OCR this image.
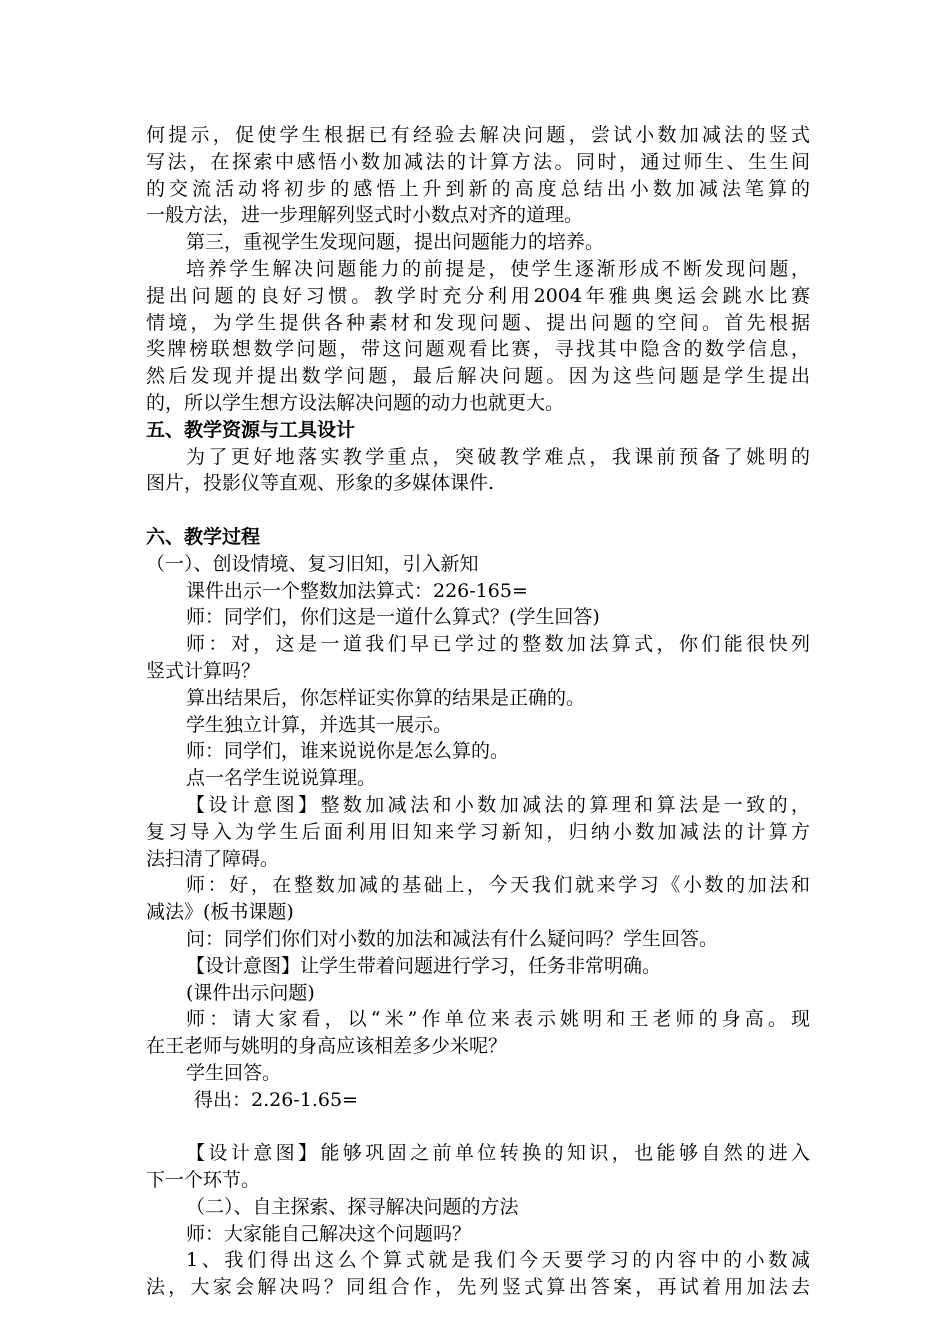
何提示，促使学生根据已有经验去解决问题，尝试小数加减法的竖式
写法，在探索中感悟小数加减法的计算方法。同时，通过师生、生生间
的交流活动将初步的感悟上升到新的高度总结出小数加减法笔算的
一般方法，进一步理解列竖式时小数点对齐的道理。
第三，重视学生发现问题，提出问题能力的培养。
培养学生解决问题能力的前提是，使学生逐渐形成不断发现问题，
提出问题的良好习惯。教学时充分利用2004年雅典奥运会跳水比赛
情境，为学生提供各种素材和发现问题、提出问题的空间。首先根据
奖牌榜联想数学问题，带这问题观看比赛，寻找其中隐含的数学信息，
然后发现并提出数学问题，最后解决问题。因为这些问题是学生提出
的，所以学生想方设法解决问题的动力也就更大。
五、教学资源与工具设计
为了更好地落实教学重点，突破教学难点，我课前预备了姚明的
图片，投影仪等直观、形象的多媒体课件.
六、教学过程
（一）、创设情境、复习旧知，引入新知
课件出示一个整数加法算式：226-165=
师：同学们，你们这是一道什么算式？(学生回答)
师：对，这是一道我们早已学过的整数加法算式，你们能很快列
竖式计算吗？
算出结果后，你怎样证实你算的结果是正确的。
学生独立计算，并选其一展示。
师：同学们，谁来说说你是怎么算的。
点一名学生说说算理。
【设计意图】整数加减法和小数加减法的算理和算法是一致的，
复习导入为学生后面利用旧知来学习新知，归纳小数加减法的计算方
法扫清了障碍。
师：好，在整数加减的基础上，今天我们就来学习《小数的加法和
减法》(板书课题)
问：同学们你们对小数的加法和减法有什么疑问吗？学生回答。
【设计意图】让学生带着问题进行学习，任务非常明确。
(课件出示问题)
师：请大家看，以“米”作单位来表示姚明和王老师的身高。现
在王老师与姚明的身高应该相差多少米呢？
学生回答。
得出：2.26-1.65=
【设计意图】能够巩固之前单位转换的知识，也能够自然的进入
下一个环节。
（二）、自主探索、探寻解决问题的方法
师：大家能自己解决这个问题吗？
1、我们得出这么个算式就是我们今天要学习的内容中的小数减
法，大家会解决吗？同组合作，先列竖式算出答案，再试着用加法去
